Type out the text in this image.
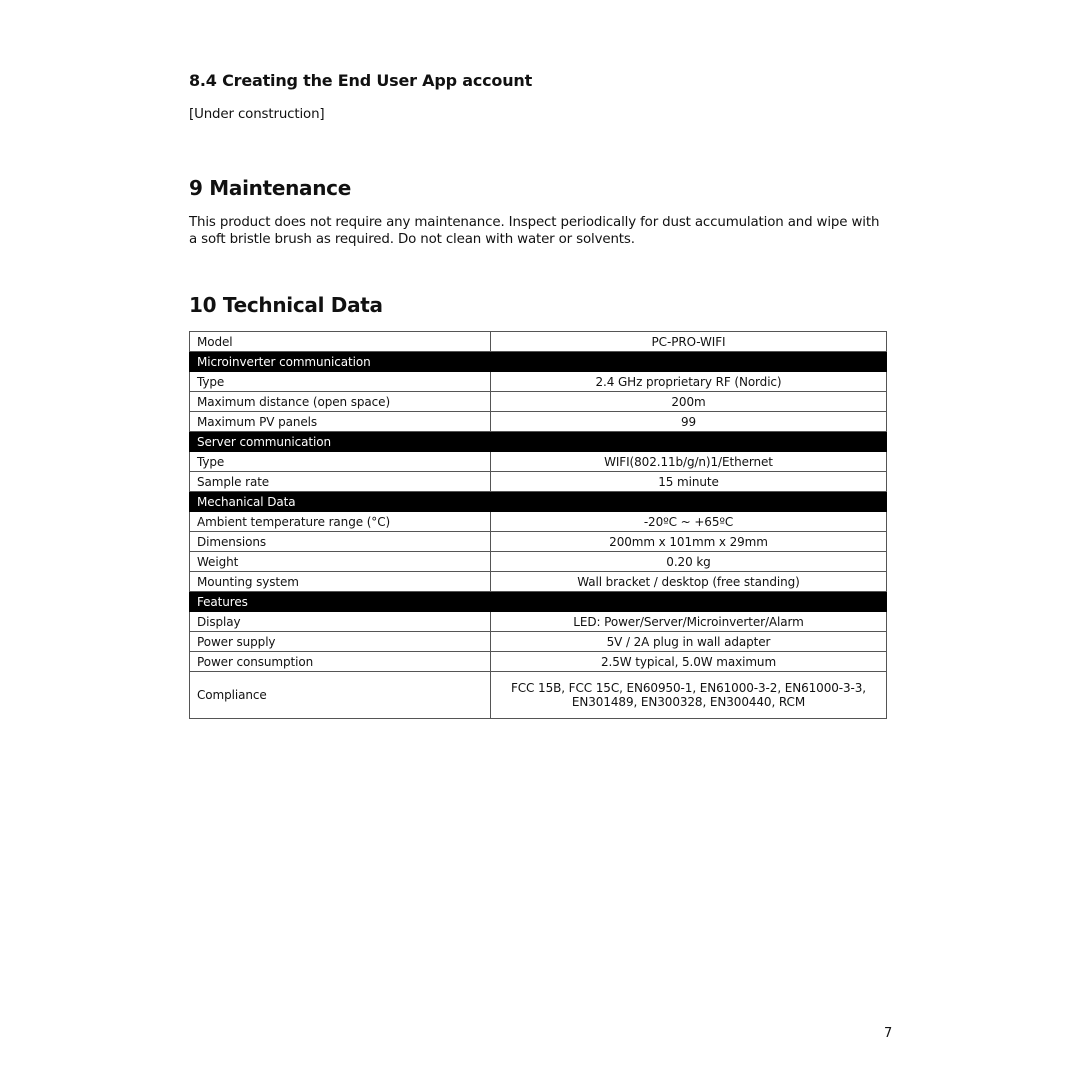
8.4 Creating the End User App account
[Under construction]
9 Maintenance
This product does not require any maintenance. Inspect periodically for dust accumulation and wipe with a soft bristle brush as required. Do not clean with water or solvents.
10 Technical Data
Model	PC-PRO-WIFI
Microinverter communication	
Type	2.4 GHz proprietary RF (Nordic)
Maximum distance (open space)	200m
Maximum PV panels	99
Server communication	
Type	WIFI(802.11b/g/n)1/Ethernet
Sample rate	15 minute
Mechanical Data	
Ambient temperature range (°C)	-20ºC ~ +65ºC
Dimensions	200mm x 101mm x 29mm
Weight	0.20 kg
Mounting system	Wall bracket / desktop (free standing)
Features	
Display	LED: Power/Server/Microinverter/Alarm
Power supply	5V / 2A plug in wall adapter
Power consumption	2.5W typical, 5.0W maximum
Compliance	FCC 15B, FCC 15C, EN60950-1, EN61000-3-2, EN61000-3-3, EN301489, EN300328, EN300440, RCM
7
